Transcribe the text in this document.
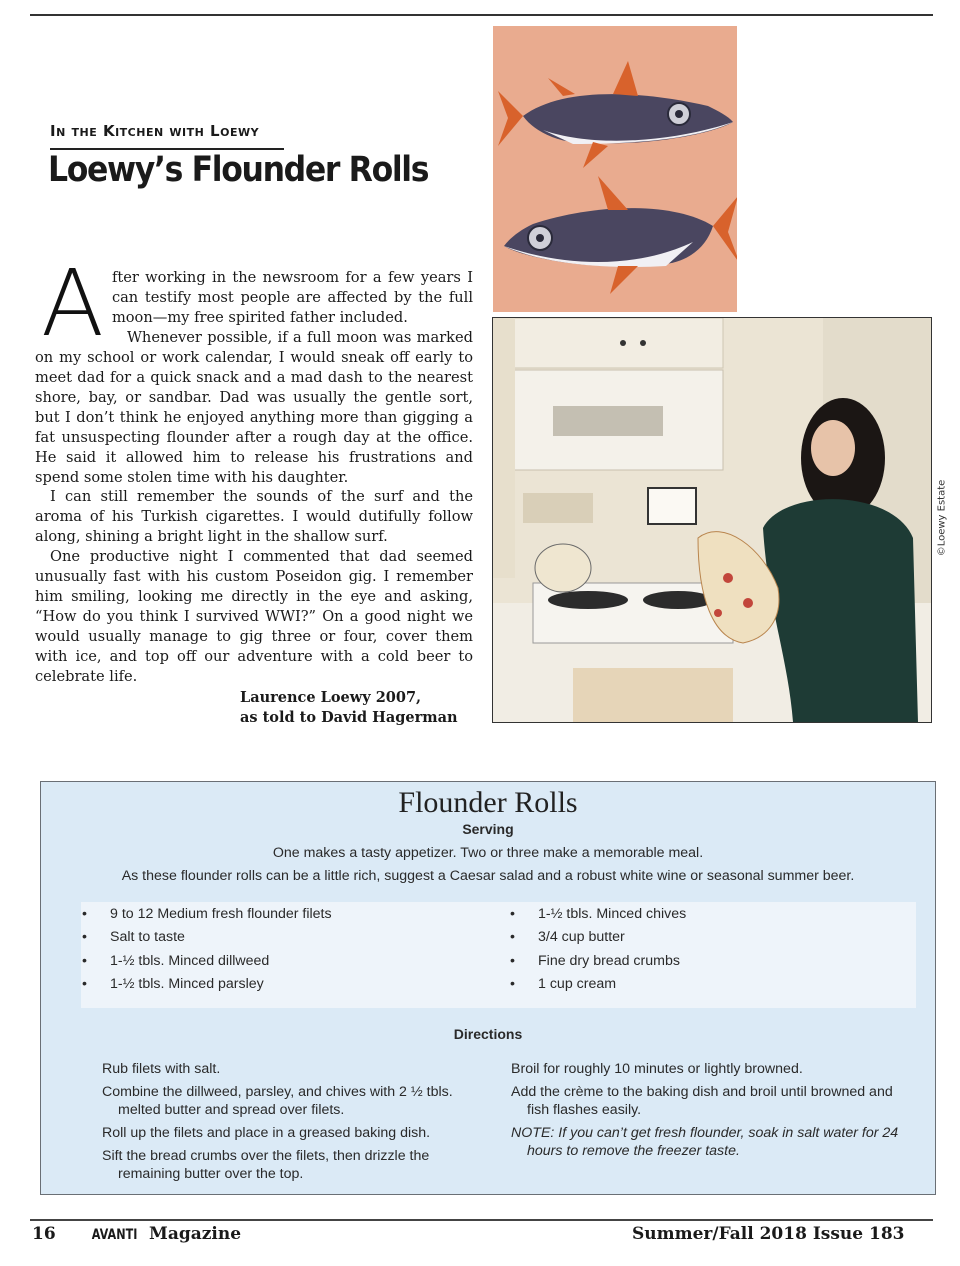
In the Kitchen with Loewy
Loewy’s Flounder Rolls

After working in the newsroom for a few years I can testify most people are affected by the full moon—my free spirited father included.

Whenever possible, if a full moon was marked on my school or work calendar, I would sneak off early to meet dad for a quick snack and a mad dash to the nearest shore, bay, or sandbar. Dad was usually the gentle sort, but I don’t think he enjoyed anything more than gigging a fat unsuspecting flounder after a rough day at the office. He said it allowed him to release his frustrations and spend some stolen time with his daughter.

I can still remember the sounds of the surf and the aroma of his Turkish cigarettes. I would dutifully follow along, shining a bright light in the shallow surf.

One productive night I commented that dad seemed unusually fast with his custom Poseidon gig. I remember him smiling, looking me directly in the eye and asking, “How do you think I survived WWI?” On a good night we would usually manage to gig three or four, cover them with ice, and top off our adventure with a cold beer to celebrate life.

Laurence Loewy 2007,
as told to David Hagerman
©Loewy Estate
Flounder Rolls
Serving
One makes a tasty appetizer. Two or three make a memorable meal.
As these flounder rolls can be a little rich, suggest a Caesar salad and a robust white wine or seasonal summer beer.
• 9 to 12 Medium fresh flounder filets
• Salt to taste
• 1-½ tbls. Minced dillweed
• 1-½ tbls. Minced parsley
• 1-½ tbls. Minced chives
• 3/4 cup butter
• Fine dry bread crumbs
• 1 cup cream
Directions

Rub filets with salt.

Combine the dillweed, parsley, and chives with 2 ½ tbls. melted butter and spread over filets.

Roll up the filets and place in a greased baking dish.

Sift the bread crumbs over the filets, then drizzle the remaining butter over the top.

Broil for roughly 10 minutes or lightly browned.

Add the crème to the baking dish and broil until browned and fish flashes easily.

NOTE: If you can’t get fresh flounder, soak in salt water for 24 hours to remove the freezer taste.

16	AVANTI Magazine	Summer/Fall 2018 Issue 183
